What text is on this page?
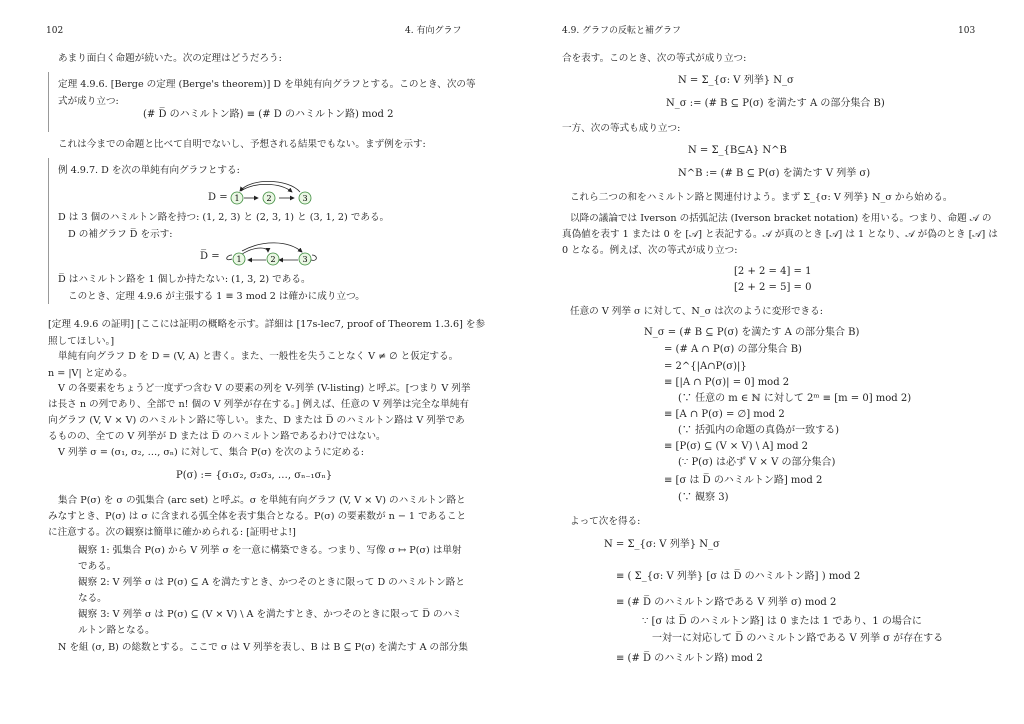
102	4. 有向グラフ
あまり面白く命題が続いた。次の定理はどうだろう:
定理 4.9.6. [Berge の定理 (Berge's theorem)] D を単純有向グラフとする。このとき、次の等
式が成り立つ:
(# D̅ のハミルトン路) ≡ (# D のハミルトン路) mod 2
これは今までの命題と比べて自明でないし、予想される結果でもない。まず例を示す:
例 4.9.7. D を次の単純有向グラフとする:
D = 1	2	3
D は 3 個のハミルトン路を持つ: (1, 2, 3) と (2, 3, 1) と (3, 1, 2) である。
D の補グラフ D̅ を示す:
D̅ = 1	2	3
D̅ はハミルトン路を 1 個しか持たない: (1, 3, 2) である。
このとき、定理 4.9.6 が主張する 1 ≡ 3 mod 2 は確かに成り立つ。
[定理 4.9.6 の証明] [ここには証明の概略を示す。詳細は [17s-lec7, proof of Theorem 1.3.6] を参
照してほしい。]
単純有向グラフ D を D = (V, A) と書く。また、一般性を失うことなく V ≠ ∅ と仮定する。
n = |V| と定める。
V の各要素をちょうど一度ずつ含む V の要素の列を V-列挙 (V-listing) と呼ぶ。[つまり V 列挙
は長さ n の列であり、全部で n! 個の V 列挙が存在する。] 例えば、任意の V 列挙は完全な単純有
向グラフ (V, V × V) のハミルトン路に等しい。また、D または D̅ のハミルトン路は V 列挙であ
るものの、全ての V 列挙が D または D̅ のハミルトン路であるわけではない。
V 列挙 σ = (σ₁, σ₂, …, σₙ) に対して、集合 P(σ) を次のように定める:
P(σ) := {σ₁σ₂, σ₂σ₃, …, σₙ₋₁σₙ}
集合 P(σ) を σ の弧集合 (arc set) と呼ぶ。σ を単純有向グラフ (V, V × V) のハミルトン路と
みなすとき、P(σ) は σ に含まれる弧全体を表す集合となる。P(σ) の要素数が n − 1 であること
に注意する。次の観察は簡単に確かめられる: [証明せよ!]
観察 1: 弧集合 P(σ) から V 列挙 σ を一意に構築できる。つまり、写像 σ ↦ P(σ) は単射
である。
観察 2: V 列挙 σ は P(σ) ⊆ A を満たすとき、かつそのときに限って D のハミルトン路と
なる。
観察 3: V 列挙 σ は P(σ) ⊆ (V × V) \ A を満たすとき、かつそのときに限って D̅ のハミ
ルトン路となる。
N を組 (σ, B) の総数とする。ここで σ は V 列挙を表し、B は B ⊆ P(σ) を満たす A の部分集
4.9. グラフの反転と補グラフ	103
合を表す。このとき、次の等式が成り立つ:
N = Σ_{σ: V 列挙} N_σ
N_σ := (# B ⊆ P(σ) を満たす A の部分集合 B)
一方、次の等式も成り立つ:
N = Σ_{B⊆A} N^B
N^B := (# B ⊆ P(σ) を満たす V 列挙 σ)
これら二つの和をハミルトン路と関連付けよう。まず Σ_{σ: V 列挙} N_σ から始める。
以降の議論では Iverson の括弧記法 (Iverson bracket notation) を用いる。つまり、命題 𝒜 の
真偽値を表す 1 または 0 を [𝒜] と表記する。𝒜 が真のとき [𝒜] は 1 となり、𝒜 が偽のとき [𝒜] は
0 となる。例えば、次の等式が成り立つ:
[2 + 2 = 4] = 1
[2 + 2 = 5] = 0
任意の V 列挙 σ に対して、N_σ は次のように変形できる:
N_σ = (# B ⊆ P(σ) を満たす A の部分集合 B)
= (# A ∩ P(σ) の部分集合 B)
= 2^{|A∩P(σ)|}
≡ [|A ∩ P(σ)| = 0] mod 2
(∵ 任意の m ∈ ℕ に対して 2ᵐ ≡ [m = 0] mod 2)
≡ [A ∩ P(σ) = ∅] mod 2
(∵ 括弧内の命題の真偽が一致する)
≡ [P(σ) ⊆ (V × V) \ A] mod 2
(∵ P(σ) は必ず V × V の部分集合)
≡ [σ は D̅ のハミルトン路] mod 2
(∵ 観察 3)
よって次を得る:
N = Σ_{σ: V 列挙} N_σ
≡ ( Σ_{σ: V 列挙} [σ は D̅ のハミルトン路] ) mod 2
≡ (# D̅ のハミルトン路である V 列挙 σ) mod 2
∵ [σ は D̅ のハミルトン路] は 0 または 1 であり、1 の場合に
一対一に対応して D̅ のハミルトン路である V 列挙 σ が存在する
≡ (# D̅ のハミルトン路) mod 2
